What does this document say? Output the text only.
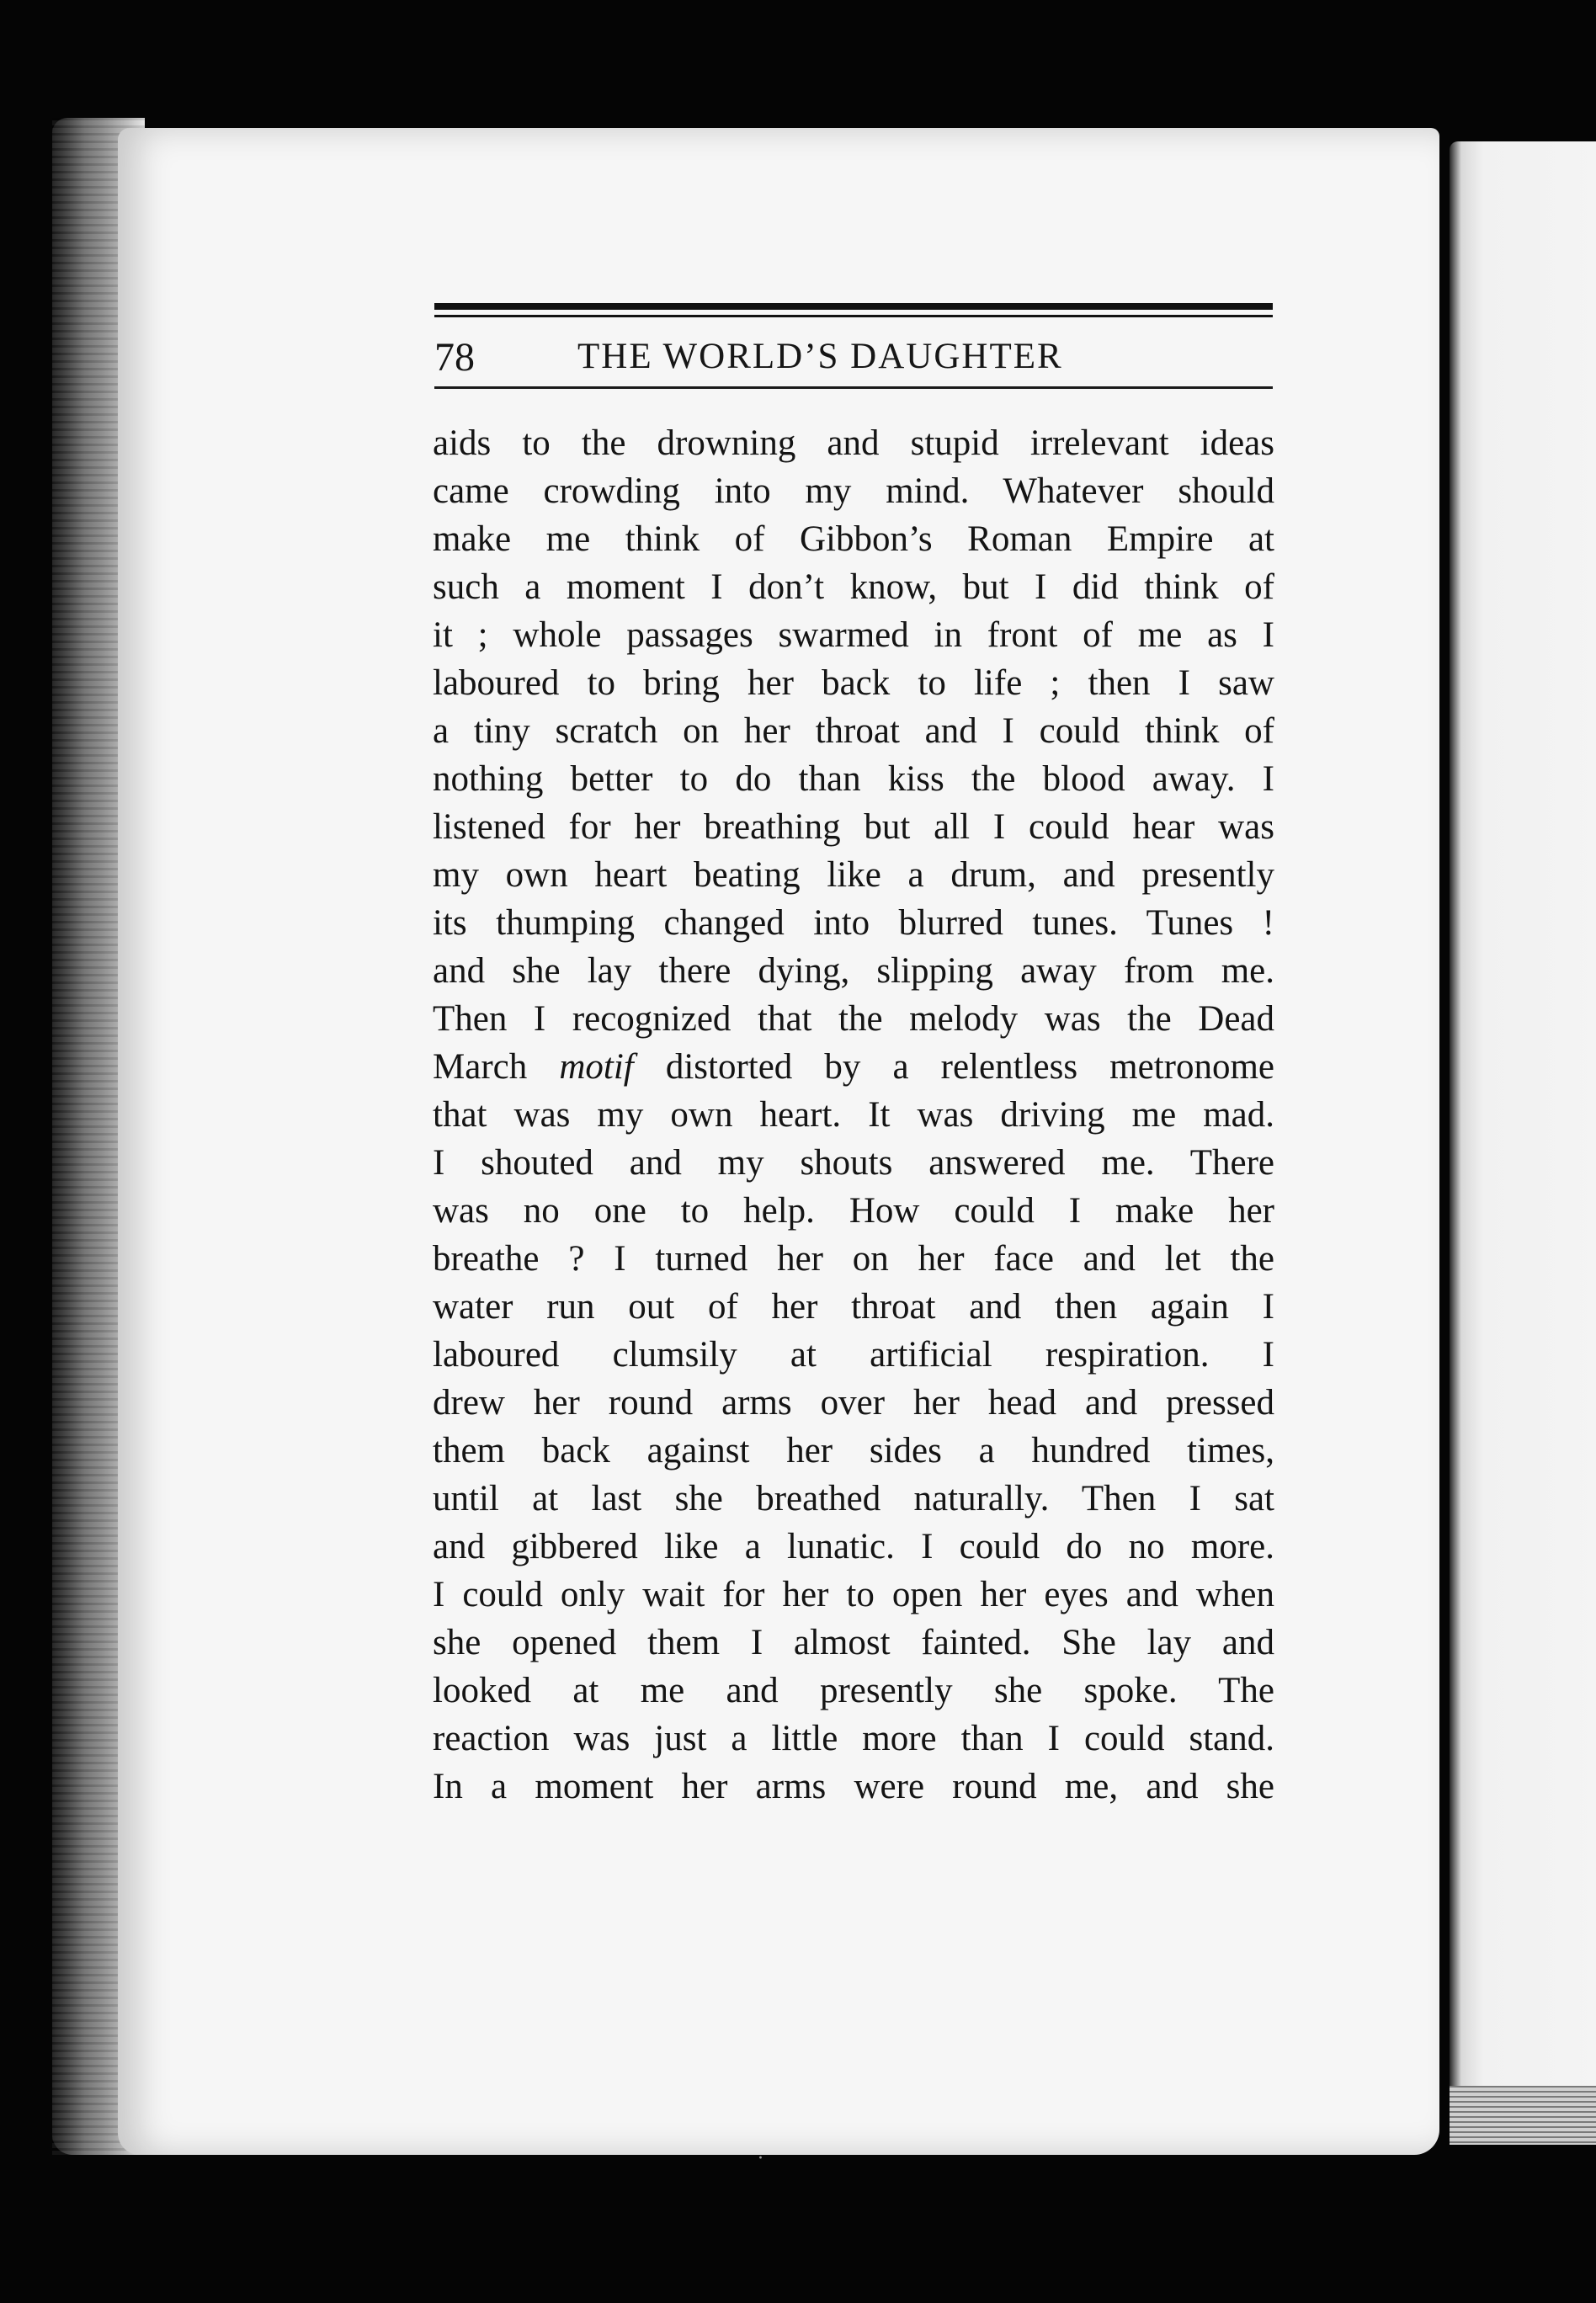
·
78	THE WORLD’S DAUGHTER
aids to the drowning and stupid irrelevant ideas
came crowding into my mind. Whatever should
make me think of Gibbon’s Roman Empire at
such a moment I don’t know, but I did think of
it ; whole passages swarmed in front of me as I
laboured to bring her back to life ; then I saw
a tiny scratch on her throat and I could think of
nothing better to do than kiss the blood away. I
listened for her breathing but all I could hear was
my own heart beating like a drum, and presently
its thumping changed into blurred tunes. Tunes !
and she lay there dying, slipping away from me.
Then I recognized that the melody was the Dead
March motif distorted by a relentless metronome
that was my own heart. It was driving me mad.
I shouted and my shouts answered me. There
was no one to help. How could I make her
breathe ? I turned her on her face and let the
water run out of her throat and then again I
laboured clumsily at artificial respiration. I
drew her round arms over her head and pressed
them back against her sides a hundred times,
until at last she breathed naturally. Then I sat
and gibbered like a lunatic. I could do no more.
I could only wait for her to open her eyes and when
she opened them I almost fainted. She lay and
looked at me and presently she spoke. The
reaction was just a little more than I could stand.
In a moment her arms were round me, and she
